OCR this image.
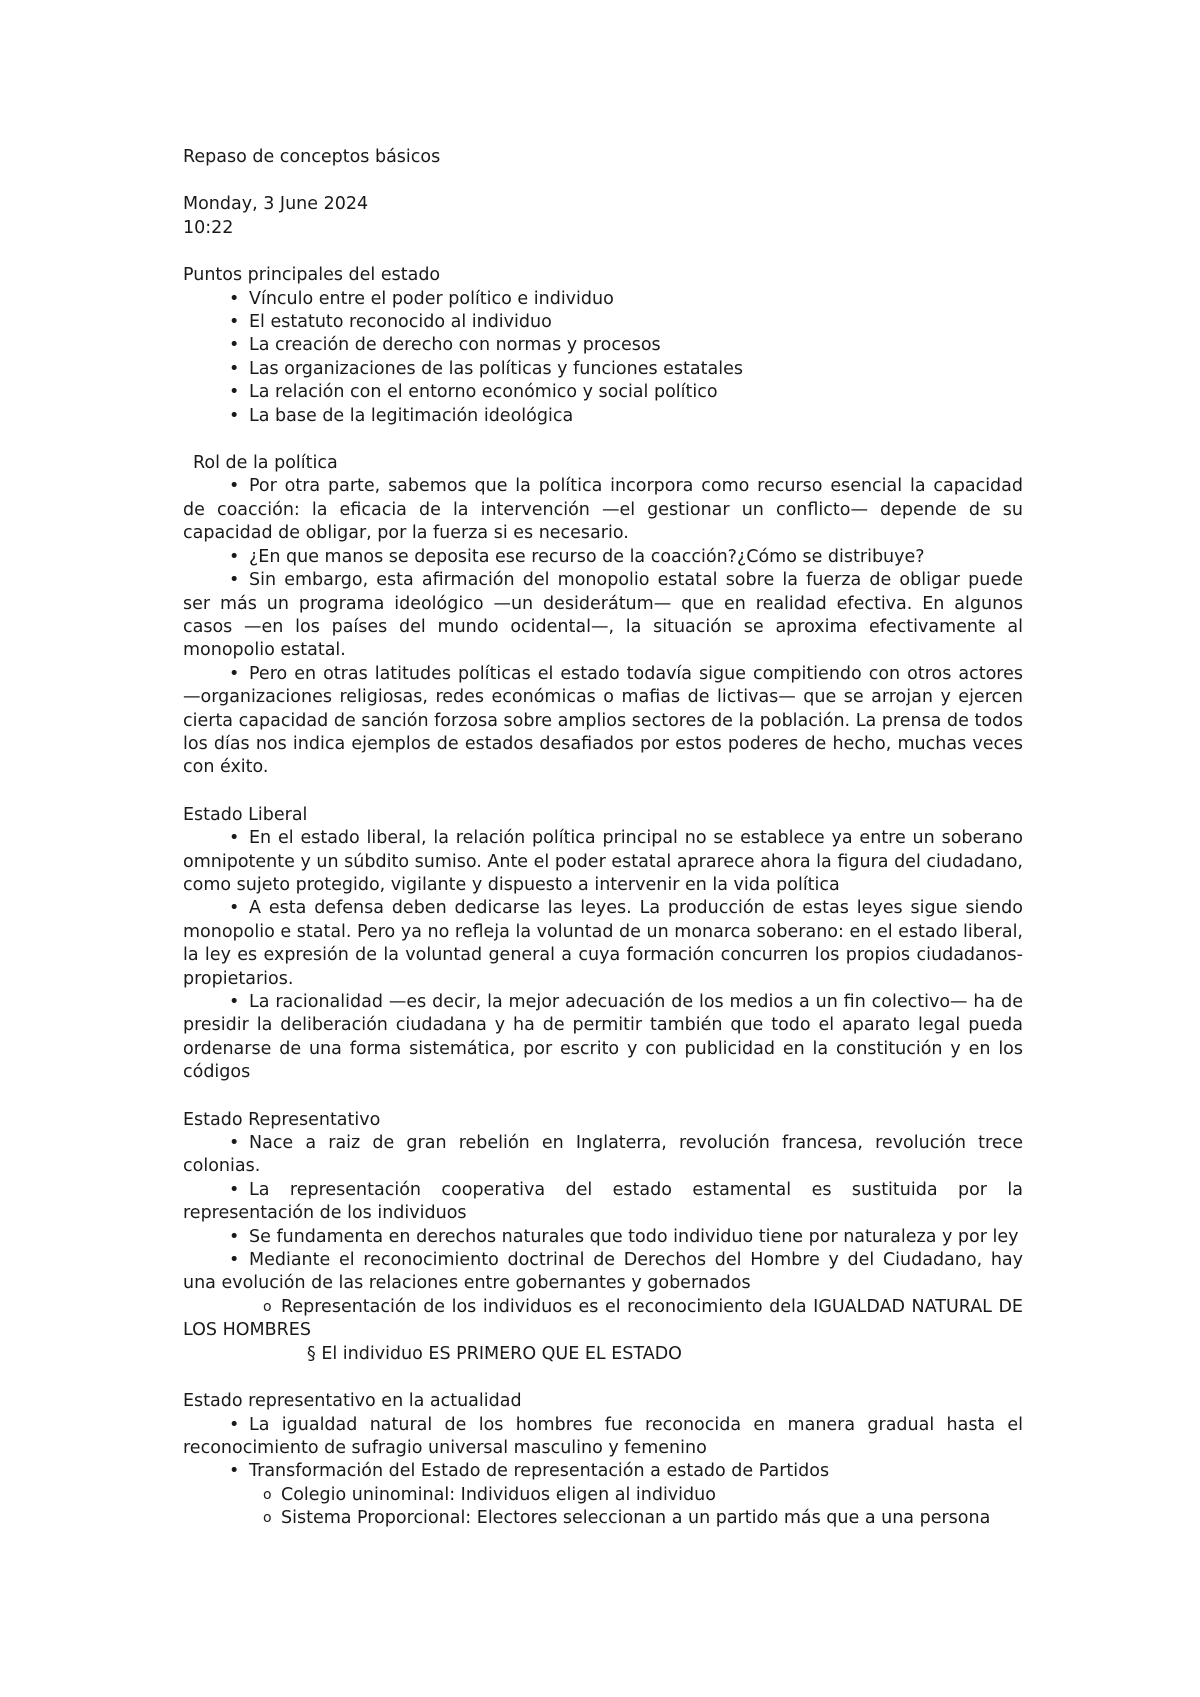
Repaso de conceptos básicos
Monday, 3 June 2024
10:22
Puntos principales del estado
• Vínculo entre el poder político e individuo
• El estatuto reconocido al individuo
• La creación de derecho con normas y procesos
• Las organizaciones de las políticas y funciones estatales
• La relación con el entorno económico y social político
• La base de la legitimación ideológica
Rol de la política
• Por otra parte, sabemos que la política incorpora como recurso esencial la capacidad de coacción: la eficacia de la intervención —el gestionar un conflicto— depende de su capacidad de obligar, por la fuerza si es necesario.
• ¿En que manos se deposita ese recurso de la coacción?¿Cómo se distribuye?
• Sin embargo, esta afirmación del monopolio estatal sobre la fuerza de obligar puede ser más un programa ideológico —un desiderátum— que en realidad efectiva. En algunos casos —en los países del mundo ocidental—, la situación se aproxima efectivamente al monopolio estatal.
• Pero en otras latitudes políticas el estado todavía sigue compitiendo con otros actores —organizaciones religiosas, redes económicas o mafias de lictivas— que se arrojan y ejercen cierta capacidad de sanción forzosa sobre amplios sectores de la población. La prensa de todos los días nos indica ejemplos de estados desafiados por estos poderes de hecho, muchas veces con éxito.
Estado Liberal
• En el estado liberal, la relación política principal no se establece ya entre un soberano omnipotente y un súbdito sumiso. Ante el poder estatal aprarece ahora la figura del ciudadano, como sujeto protegido, vigilante y dispuesto a intervenir en la vida política
• A esta defensa deben dedicarse las leyes. La producción de estas leyes sigue siendo monopolio e statal. Pero ya no refleja la voluntad de un monarca soberano: en el estado liberal, la ley es expresión de la voluntad general a cuya formación concurren los propios ciudadanos-propietarios.
• La racionalidad —es decir, la mejor adecuación de los medios a un fin colectivo— ha de presidir la deliberación ciudadana y ha de permitir también que todo el aparato legal pueda ordenarse de una forma sistemática, por escrito y con publicidad en la constitución y en los códigos
Estado Representativo
• Nace a raiz de gran rebelión en Inglaterra, revolución francesa, revolución trece colonias.
• La representación cooperativa del estado estamental es sustituida por la representación de los individuos
• Se fundamenta en derechos naturales que todo individuo tiene por naturaleza y por ley
• Mediante el reconocimiento doctrinal de Derechos del Hombre y del Ciudadano, hay una evolución de las relaciones entre gobernantes y gobernados
o Representación de los individuos es el reconocimiento dela IGUALDAD NATURAL DE LOS HOMBRES
§ El individuo ES PRIMERO QUE EL ESTADO
Estado representativo en la actualidad
• La igualdad natural de los hombres fue reconocida en manera gradual hasta el reconocimiento de sufragio universal masculino y femenino
• Transformación del Estado de representación a estado de Partidos
o Colegio uninominal: Individuos eligen al individuo
o Sistema Proporcional: Electores seleccionan a un partido más que a una persona
